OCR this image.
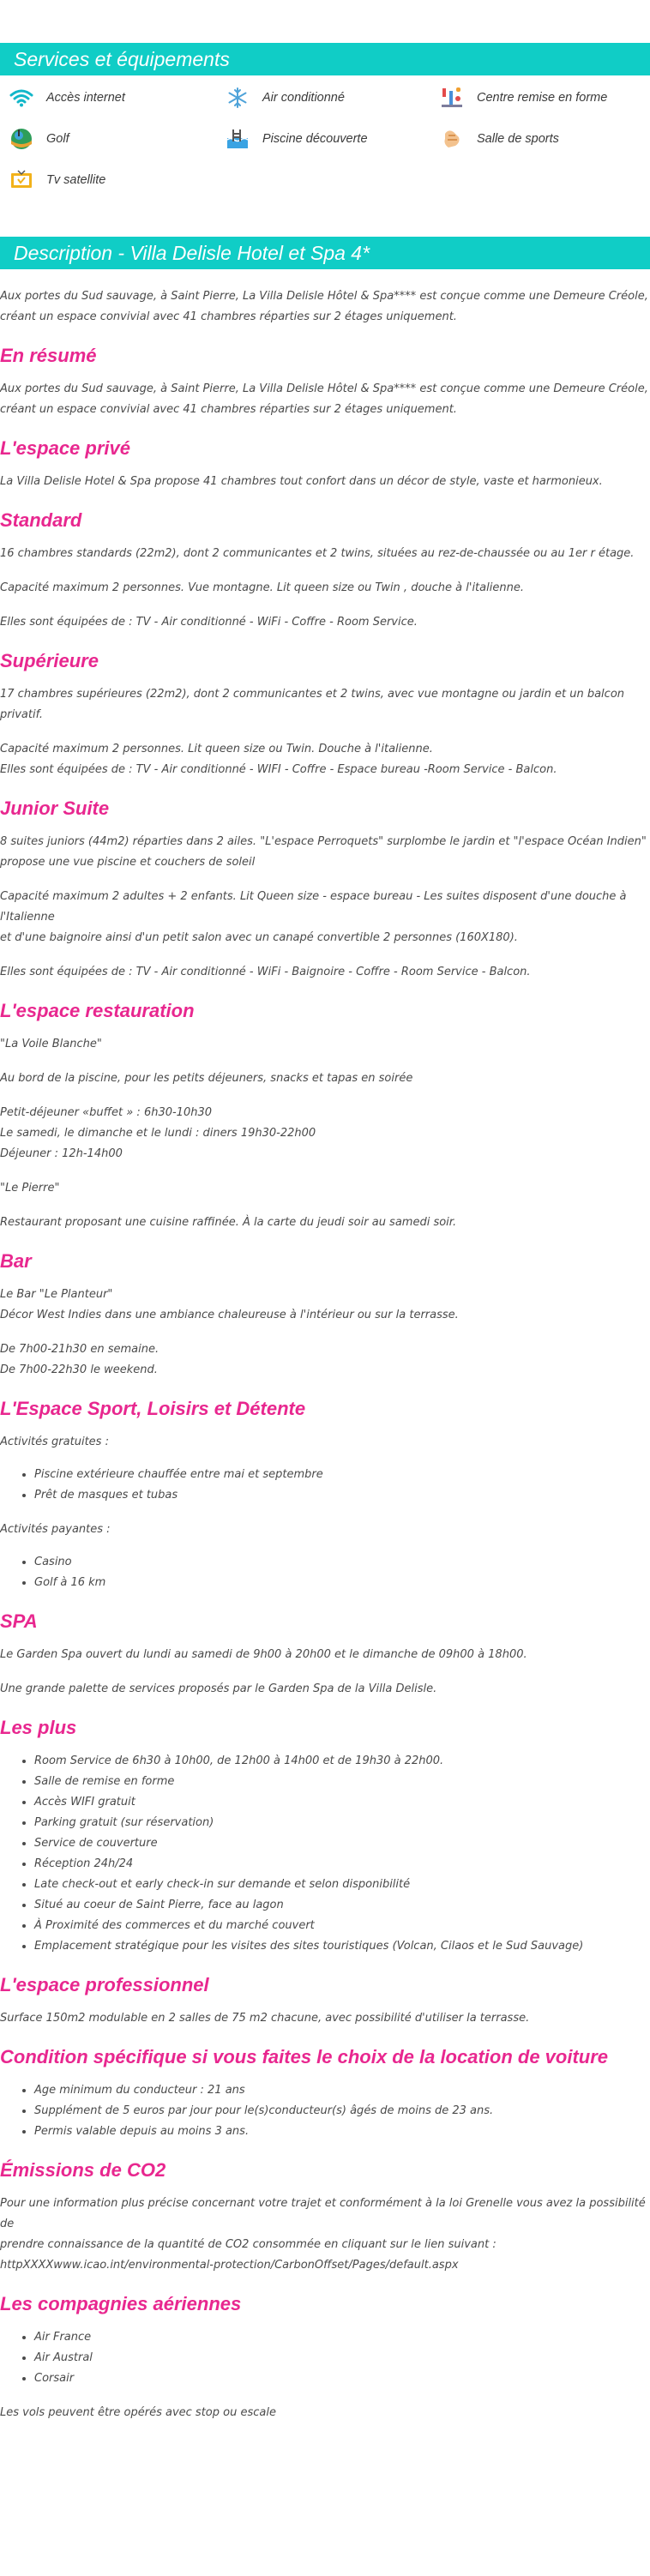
Services et équipements
Accès internet	Air conditionné	Centre remise en forme
Golf	Piscine découverte	Salle de sports
Tv satellite
Description - Villa Delisle Hotel et Spa 4*

Aux portes du Sud sauvage, à Saint Pierre, La Villa Delisle Hôtel & Spa**** est conçue comme une Demeure Créole,

créant un espace convivial avec 41 chambres réparties sur 2 étages uniquement.

En résumé

Aux portes du Sud sauvage, à Saint Pierre, La Villa Delisle Hôtel & Spa**** est conçue comme une Demeure Créole,

créant un espace convivial avec 41 chambres réparties sur 2 étages uniquement.

L'espace privé

La Villa Delisle Hotel & Spa propose 41 chambres tout confort dans un décor de style, vaste et harmonieux.

Standard

16 chambres standards (22m2), dont 2 communicantes et 2 twins, situées au rez-de-chaussée ou au 1er r étage.

Capacité maximum 2 personnes. Vue montagne. Lit queen size ou Twin , douche à l'italienne.

Elles sont équipées de : TV - Air conditionné - WiFi - Coffre - Room Service.

Supérieure

17 chambres supérieures (22m2), dont 2 communicantes et 2 twins, avec vue montagne ou jardin et un balcon privatif.

Capacité maximum 2 personnes. Lit queen size ou Twin. Douche à l'italienne.

Elles sont équipées de : TV - Air conditionné - WIFI - Coffre - Espace bureau -Room Service - Balcon.

Junior Suite

8 suites juniors (44m2) réparties dans 2 ailes. "L'espace Perroquets" surplombe le jardin et "l'espace Océan Indien"

propose une vue piscine et couchers de soleil

Capacité maximum 2 adultes + 2 enfants. Lit Queen size - espace bureau - Les suites disposent d'une douche à l'Italienne

et d'une baignoire ainsi d'un petit salon avec un canapé convertible 2 personnes (160X180).

Elles sont équipées de : TV - Air conditionné - WiFi - Baignoire - Coffre - Room Service - Balcon.

L'espace restauration

"La Voile Blanche"

Au bord de la piscine, pour les petits déjeuners, snacks et tapas en soirée

Petit-déjeuner «buffet » : 6h30-10h30

Le samedi, le dimanche et le lundi : diners 19h30-22h00

Déjeuner : 12h-14h00

"Le Pierre"

Restaurant proposant une cuisine raffinée. À la carte du jeudi soir au samedi soir.

Bar

Le Bar "Le Planteur"

Décor West Indies dans une ambiance chaleureuse à l'intérieur ou sur la terrasse.

De 7h00-21h30 en semaine.

De 7h00-22h30 le weekend.

L'Espace Sport, Loisirs et Détente

Activités gratuites :

• Piscine extérieure chauffée entre mai et septembre
• Prêt de masques et tubas

Activités payantes :

• Casino
• Golf à 16 km
SPA

Le Garden Spa ouvert du lundi au samedi de 9h00 à 20h00 et le dimanche de 09h00 à 18h00.

Une grande palette de services proposés par le Garden Spa de la Villa Delisle.

Les plus
• Room Service de 6h30 à 10h00, de 12h00 à 14h00 et de 19h30 à 22h00.
• Salle de remise en forme
• Accès WIFI gratuit
• Parking gratuit (sur réservation)
• Service de couverture
• Réception 24h/24
• Late check-out et early check-in sur demande et selon disponibilité
• Situé au coeur de Saint Pierre, face au lagon
• À Proximité des commerces et du marché couvert
• Emplacement stratégique pour les visites des sites touristiques (Volcan, Cilaos et le Sud Sauvage)
L'espace professionnel

Surface 150m2 modulable en 2 salles de 75 m2 chacune, avec possibilité d'utiliser la terrasse.

Condition spécifique si vous faites le choix de la location de voiture
• Age minimum du conducteur : 21 ans
• Supplément de 5 euros par jour pour le(s)conducteur(s) âgés de moins de 23 ans.
• Permis valable depuis au moins 3 ans.
Émissions de CO2

Pour une information plus précise concernant votre trajet et conformément à la loi Grenelle vous avez la possibilité de

prendre connaissance de la quantité de CO2 consommée en cliquant sur le lien suivant :

httpXXXXwww.icao.int/environmental-protection/CarbonOffset/Pages/default.aspx

Les compagnies aériennes
• Air France
• Air Austral
• Corsair

Les vols peuvent être opérés avec stop ou escale
